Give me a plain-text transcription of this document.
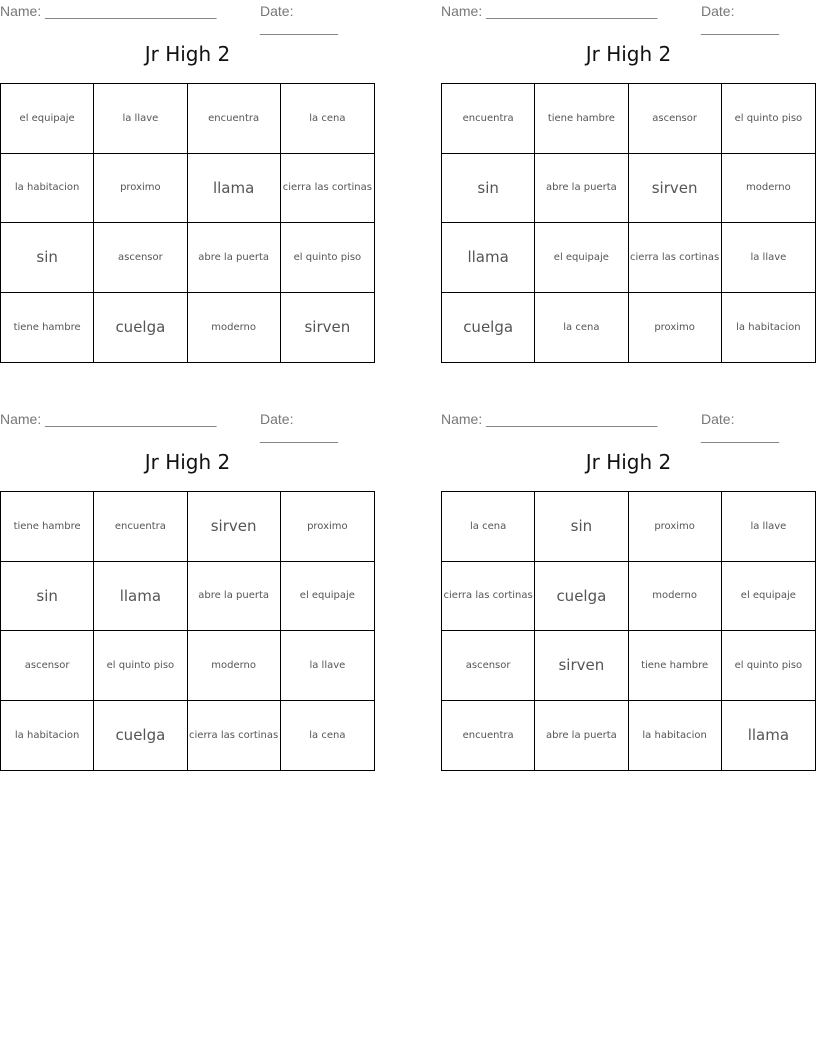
Name: ______________________	Date: __________
Jr High 2
el equipaje	la llave	encuentra	la cena
la habitacion	proximo	llama	cierra las cortinas
sin	ascensor	abre la puerta	el quinto piso
tiene hambre	cuelga	moderno	sirven
Name: ______________________	Date: __________
Jr High 2
encuentra	tiene hambre	ascensor	el quinto piso
sin	abre la puerta	sirven	moderno
llama	el equipaje	cierra las cortinas	la llave
cuelga	la cena	proximo	la habitacion
Name: ______________________	Date: __________
Jr High 2
tiene hambre	encuentra	sirven	proximo
sin	llama	abre la puerta	el equipaje
ascensor	el quinto piso	moderno	la llave
la habitacion	cuelga	cierra las cortinas	la cena
Name: ______________________	Date: __________
Jr High 2
la cena	sin	proximo	la llave
cierra las cortinas	cuelga	moderno	el equipaje
ascensor	sirven	tiene hambre	el quinto piso
encuentra	abre la puerta	la habitacion	llama
